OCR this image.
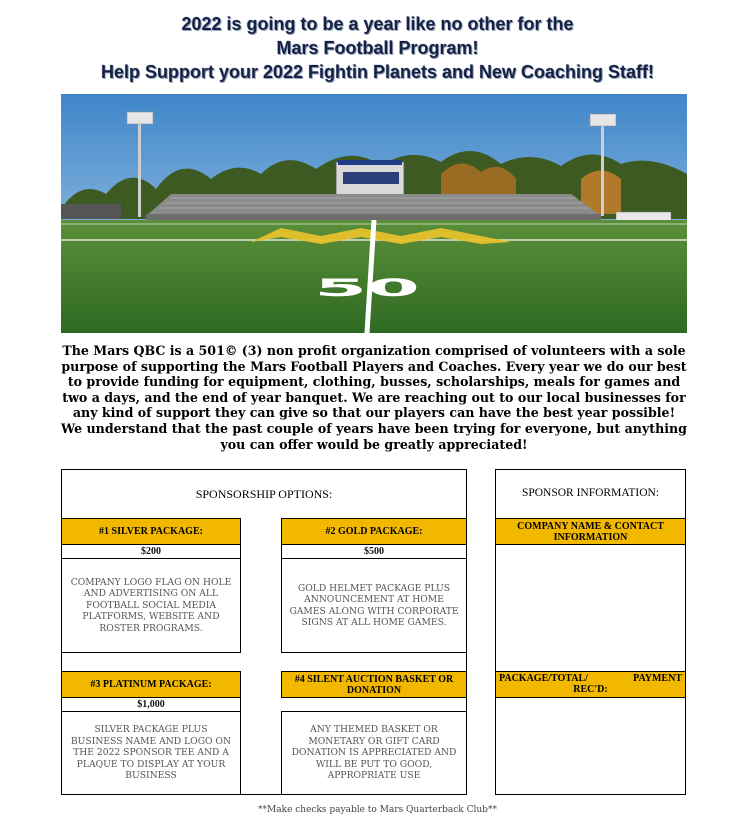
2022 is going to be a year like no other for the
Mars Football Program!
Help Support your 2022 Fightin Planets and New Coaching Staff!
50
The Mars QBC is a 501© (3) non profit organization comprised of volunteers with a sole purpose of supporting the Mars Football Players and Coaches. Every year we do our best to provide funding for equipment, clothing, busses, scholarships, meals for games and two a days, and the end of year banquet. We are reaching out to our local businesses for any kind of support they can give so that our players can have the best year possible! We understand that the past couple of years have been trying for everyone, but anything you can offer would be greatly appreciated!
SPONSORSHIP OPTIONS:
#1 SILVER PACKAGE:
$200
COMPANY LOGO FLAG ON HOLE AND ADVERTISING ON ALL FOOTBALL SOCIAL MEDIA PLATFORMS, WEBSITE AND ROSTER PROGRAMS.
#2 GOLD PACKAGE:
$500
GOLD HELMET PACKAGE PLUS ANNOUNCEMENT AT HOME GAMES ALONG WITH CORPORATE SIGNS AT ALL HOME GAMES.
#3 PLATINUM PACKAGE:
$1,000
SILVER PACKAGE PLUS BUSINESS NAME AND LOGO ON THE 2022 SPONSOR TEE AND A PLAQUE TO DISPLAY AT YOUR BUSINESS
#4 SILENT AUCTION BASKET OR DONATION
ANY THEMED BASKET OR MONETARY OR GIFT CARD DONATION IS APPRECIATED AND WILL BE PUT TO GOOD, APPROPRIATE USE
SPONSOR INFORMATION:
COMPANY NAME & CONTACT INFORMATION
PACKAGE/TOTAL/	PAYMENT
REC'D:
**Make checks payable to Mars Quarterback Club**
